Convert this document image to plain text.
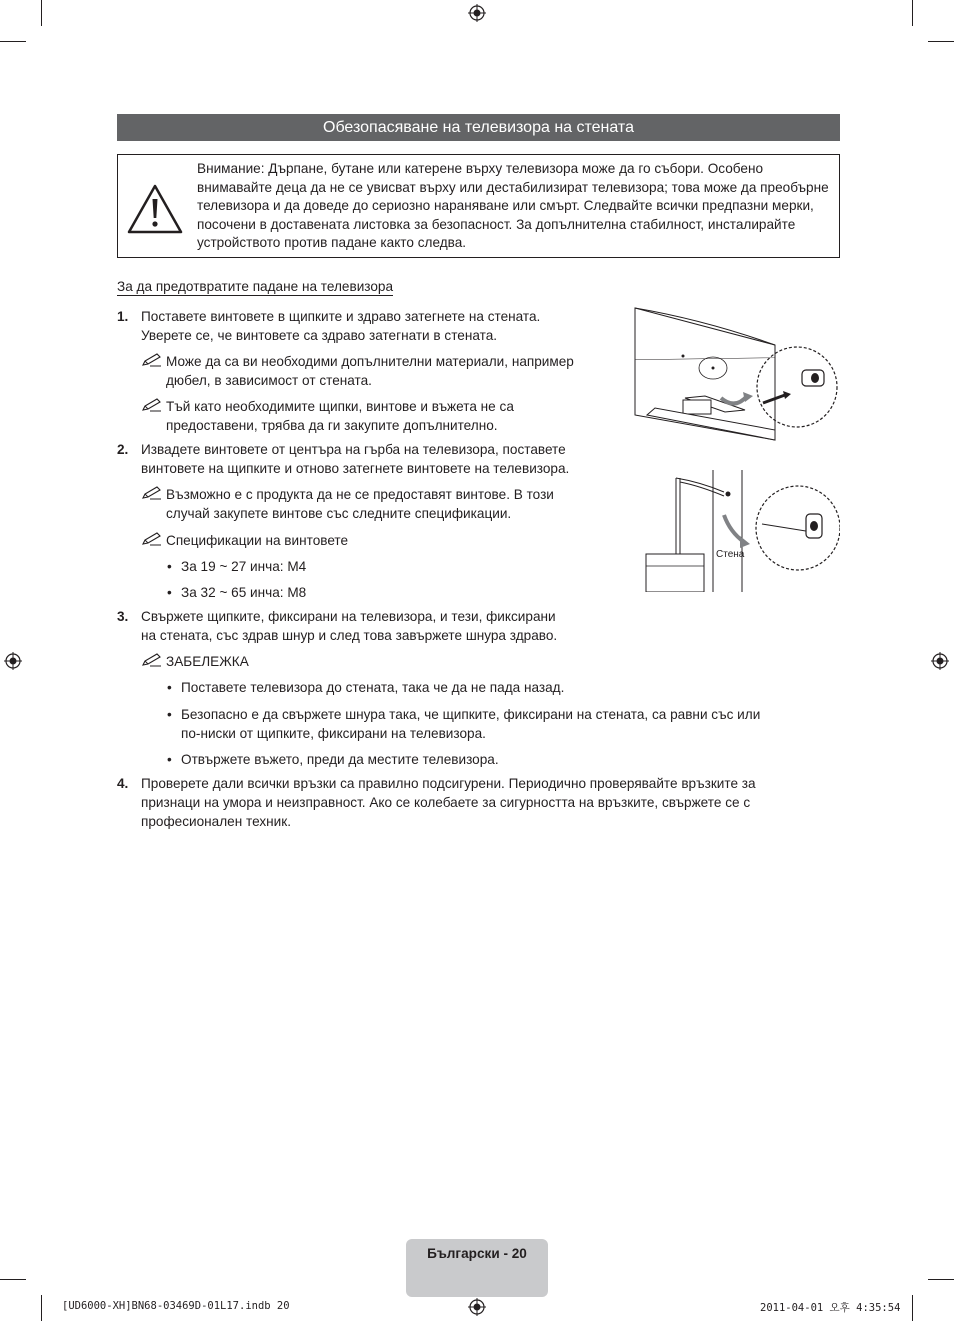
Обезопасяване на телевизора на стената
Внимание: Дърпане, бутане или катерене върху телевизора може да го събори. Особено внимавайте деца да не се увисват върху или дестабилизират телевизора; това може да преобърне телевизора и да доведе до сериозно нараняване или смърт. Следвайте всички предпазни мерки, посочени в доставената листовка за безопасност. За допълнителна стабилност, инсталирайте устройството против падане както следва.
За да предотвратите падане на телевизора
1. Поставете винтовете в щипките и здраво затегнете на стената.
Уверете се, че винтовете са здраво затегнати в стената.
Може да са ви необходими допълнителни материали, например
дюбел, в зависимост от стената.
Тъй като необходимите щипки, винтове и въжета не са
предоставени, трябва да ги закупите допълнително.
2. Извадете винтовете от центъра на гърба на телевизора, поставете
винтовете на щипките и отново затегнете винтовете на телевизора.
Възможно е с продукта да не се предоставят винтове. В този
случай закупете винтове със следните спецификации.
Спецификации на винтовете
• За 19 ~ 27 инча: M4
• За 32 ~ 65 инча: M8
3. Свържете щипките, фиксирани на телевизора, и тези, фиксирани
на стената, със здрав шнур и след това завържете шнура здраво.
ЗАБЕЛЕЖКА
• Поставете телевизора до стената, така че да не пада назад.
• Безопасно е да свържете шнура така, че щипките, фиксирани на стената, са равни със или
по-ниски от щипките, фиксирани на телевизора.
• Отвържете въжето, преди да местите телевизора.
4. Проверете дали всички връзки са правилно подсигурени. Периодично проверявайте връзките за
признаци на умора и неизправност. Ако се колебаете за сигурността на връзките, свържете се с
професионален техник.
Стена
Български - 20
[UD6000-XH]BN68-03469D-01L17.indb 20	2011-04-01 오후 4:35:54
